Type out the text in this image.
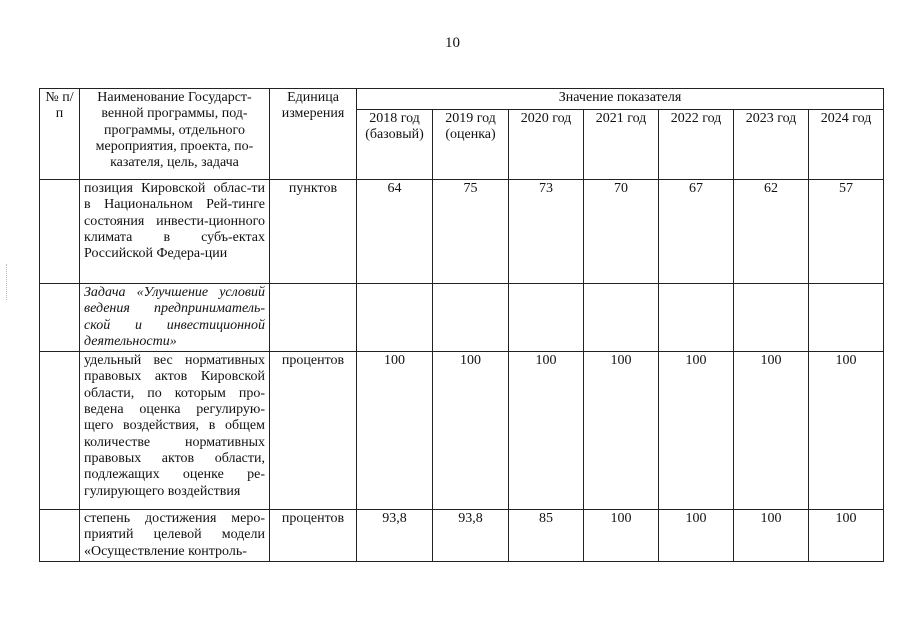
10
№ п/п	Наименование Государст-венной программы, под-программы, отдельного мероприятия, проекта, по-казателя, цель, задача	Единица измерения	Значение показателя						
			2018 год (базовый)	2019 год (оценка)	2020 год	2021 год	2022 год	2023 год	2024 год
	позиция Кировской облас-ти в Национальном Рей-тинге состояния инвести-ционного климата в субъ-ектах Российской Федера-ции	пунктов	64	75	73	70	67	62	57
	Задача «Улучшение условий ведения предприниматель-ской и инвестиционной деятельности»								
	удельный вес нормативных правовых актов Кировской области, по которым про-ведена оценка регулирую-щего воздействия, в общем количестве нормативных правовых актов области, подлежащих оценке ре-гулирующего воздействия	процентов	100	100	100	100	100	100	100
	степень достижения меро-приятий целевой модели «Осуществление контроль-	процентов	93,8	93,8	85	100	100	100	100
